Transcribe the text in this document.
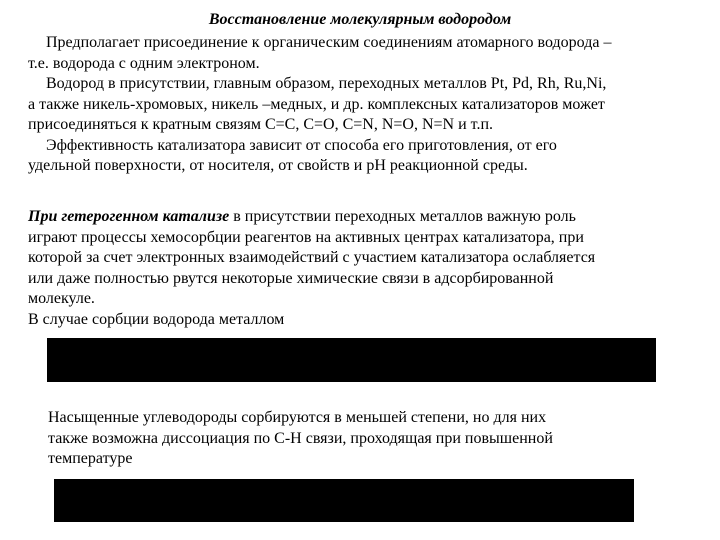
Восстановление молекулярным водородом

Предполагает присоединение к органическим соединениям атомарного водорода –
т.е. водорода с одним электроном.
Водород в присутствии, главным образом, переходных металлов Pt, Pd, Rh, Ru,Ni,
а также никель-хромовых, никель –медных, и др. комплексных катализаторов может
присоединяться к кратным связям C=C, C=O, C=N, N=O, N=N и т.п.
Эффективность катализатора зависит от способа его приготовления, от его
удельной поверхности, от носителя, от свойств и pH реакционной среды.

При гетерогенном катализе в присутствии переходных металлов важную роль
играют процессы хемосорбции реагентов на активных центрах катализатора, при
которой за счет электронных взаимодействий с участием катализатора ослабляется
или даже полностью рвутся некоторые химические связи в адсорбированной
молекуле.
В случае сорбции водорода металлом

Насыщенные углеводороды сорбируются в меньшей степени, но для них
также возможна диссоциация по С-Н связи, проходящая при повышенной
температуре
